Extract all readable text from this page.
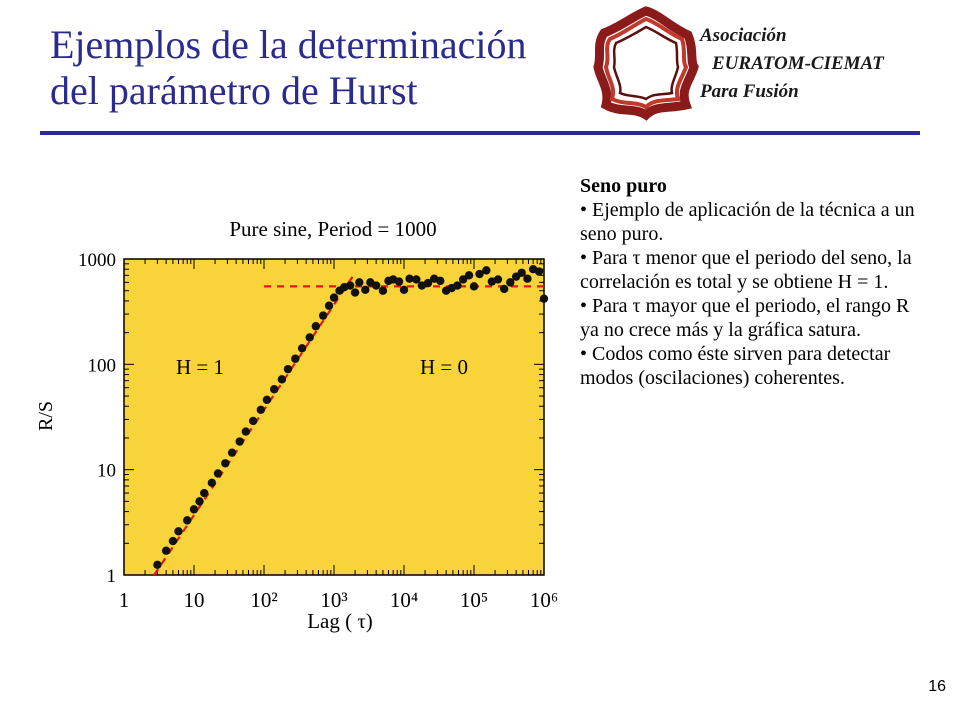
Ejemplos de la determinación
del parámetro de Hurst
Asociación
EURATOM-CIEMAT
Para Fusión
Pure sine, Period = 1000
1	10 10² 10³ 10⁴ 10⁵ 10⁶
1
10
100
1000
H = 1	H = 0
Lag ( τ)
R/S
Seno puro
• Ejemplo de aplicación de la técnica a un seno puro.
• Para τ menor que el periodo del seno, la correlación es total y se obtiene H = 1.
• Para τ mayor que el periodo, el rango R ya no crece más y la gráfica satura.
• Codos como éste sirven para detectar modos (oscilaciones) coherentes.
16
